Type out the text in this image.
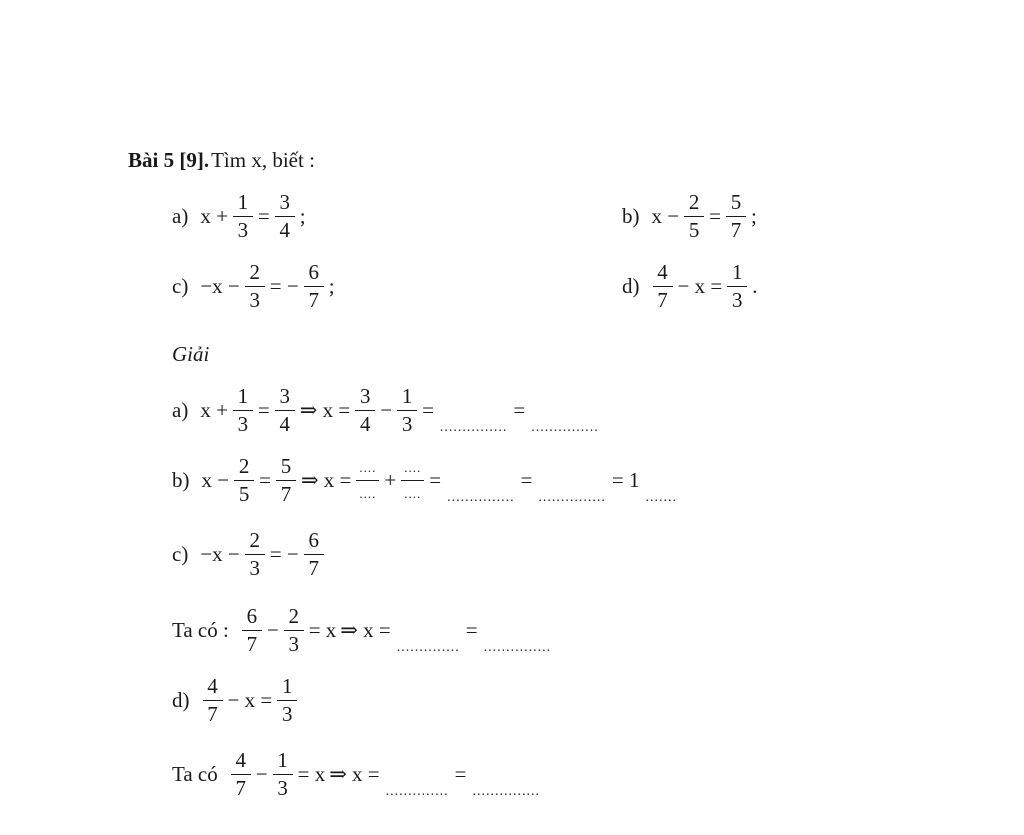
Bài 5 [9]. Tìm x, biết :
a) $x + \frac{1}{3} = \frac{3}{4}$ ;	b) $x - \frac{2}{5} = \frac{5}{7}$ ;
$c) -x - \frac{2}{3}$ = − $\frac{6}{7}$ ;	$d) \frac{4}{7} - x = \frac{1}{3}$ .
Giải
a) $x + \frac{1}{3} = \frac{3}{4}$ ⇒ $x = \frac{3}{4} - \frac{1}{3}$ =
...............
=
...............
b) $x - \frac{2}{5} = \frac{5}{7}$ ⇒ $x = \frac{....}{....} + \frac{....}{....}$ =
...............
=
...............
= 1
.......
$c) -x - \frac{2}{3}$ = − $\frac{6}{7}$
Ta có : $\frac{6}{7} - \frac{2}{3} = x$ ⇒ x =
..............
=
...............
$d) \frac{4}{7} - x = \frac{1}{3}$
Ta có $\frac{4}{7} - \frac{1}{3} = x$ ⇒ x =
..............
=
...............
